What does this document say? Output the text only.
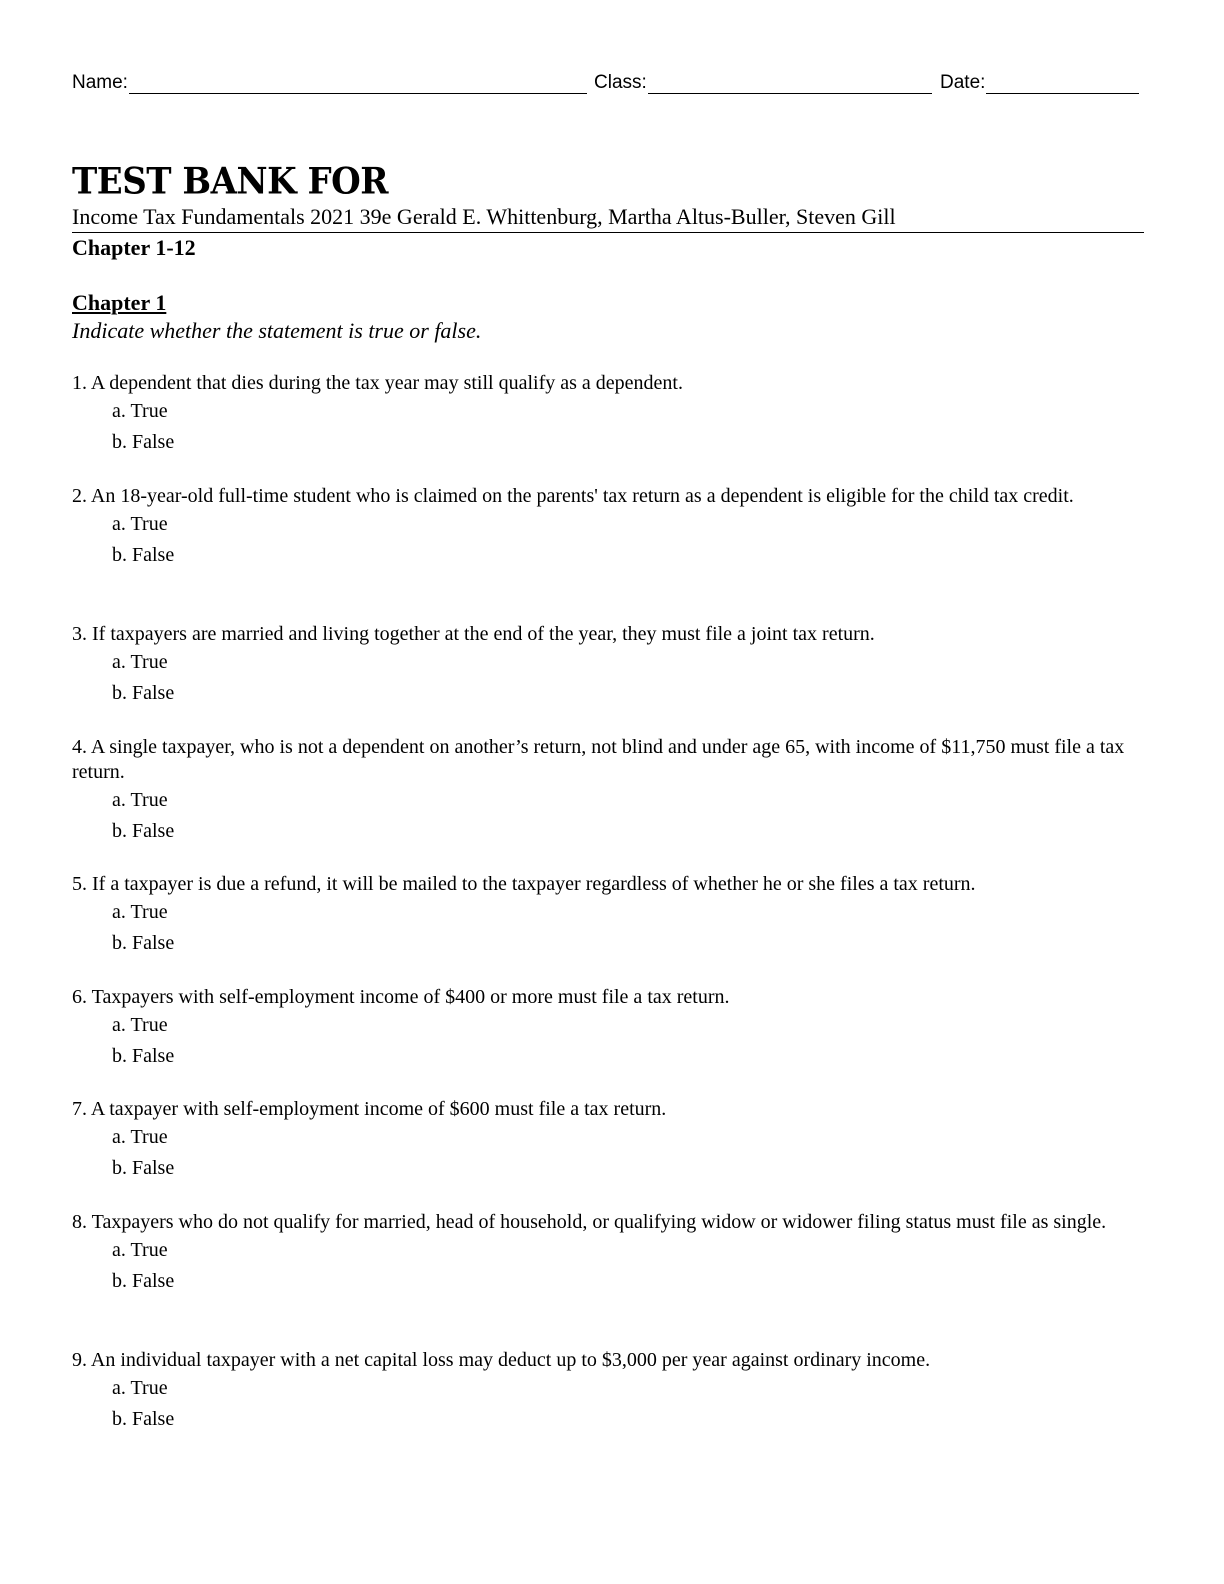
Name:	Class:	Date:
TEST BANK FOR
Income Tax Fundamentals 2021 39e Gerald E. Whittenburg, Martha Altus-Buller, Steven Gill
Chapter 1-12
Chapter 1
Indicate whether the statement is true or false.
1. A dependent that dies during the tax year may still qualify as a dependent.
a. True
b. False
2. An 18-year-old full-time student who is claimed on the parents' tax return as a dependent is eligible for the child tax credit.
a. True
b. False
3. If taxpayers are married and living together at the end of the year, they must file a joint tax return.
a. True
b. False
4. A single taxpayer, who is not a dependent on another’s return, not blind and under age 65, with income of $11,750 must file a tax return.
a. True
b. False
5. If a taxpayer is due a refund, it will be mailed to the taxpayer regardless of whether he or she files a tax return.
a. True
b. False
6. Taxpayers with self-employment income of $400 or more must file a tax return.
a. True
b. False
7. A taxpayer with self-employment income of $600 must file a tax return.
a. True
b. False
8. Taxpayers who do not qualify for married, head of household, or qualifying widow or widower filing status must file as single.
a. True
b. False
9. An individual taxpayer with a net capital loss may deduct up to $3,000 per year against ordinary income.
a. True
b. False
